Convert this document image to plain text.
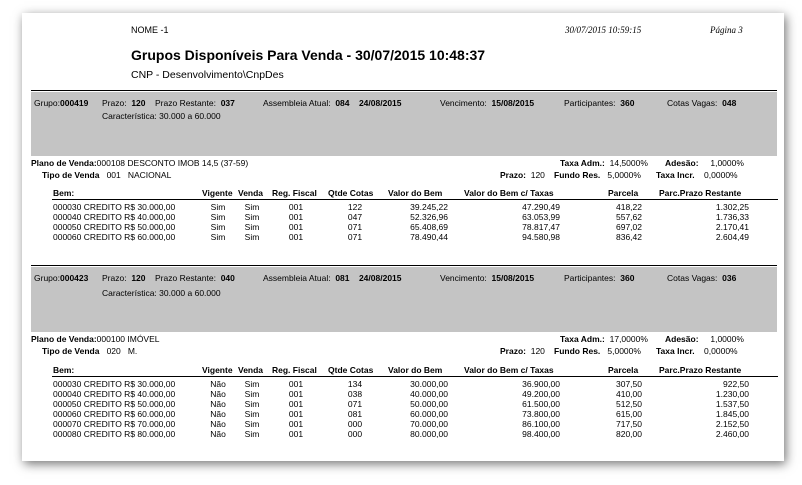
NOME -1	30/07/2015 10:59:15	Página 3
Grupos Disponíveis Para Venda - 30/07/2015 10:48:37
CNP - Desenvolvimento\CnpDes
Grupo:000419 Prazo: 120 Prazo Restante: 037	Assembleia Atual: 084 24/08/2015	Vencimento: 15/08/2015	Participantes: 360	Cotas Vagas: 048
Característica: 30.000 a 60.000
Plano de Venda:000108 DESCONTO IMOB 14,5 (37-59)	Taxa Adm.: 14,5000% Adesão: 1,0000%
Tipo de Venda 001 NACIONAL	Prazo: 120 Fundo Res. 5,0000% Taxa Incr. 0,0000%
Bem:	Vigente Venda Reg. Fiscal Qtde Cotas Valor do Bem	Valor do Bem c/ Taxas	Parcela Parc.Prazo Restante
000030 CREDITO R$ 30.000,00	Sim	Sim	001	122	39.245,22	47.290,49	418,22	1.302,25
000040 CREDITO R$ 40.000,00	Sim	Sim	001	047	52.326,96	63.053,99	557,62	1.736,33
000050 CREDITO R$ 50.000,00	Sim	Sim	001	071	65.408,69	78.817,47	697,02	2.170,41
000060 CREDITO R$ 60.000,00	Sim	Sim	001	071	78.490,44	94.580,98	836,42	2.604,49
Grupo:000423 Prazo: 120 Prazo Restante: 040	Assembleia Atual: 081 24/08/2015	Vencimento: 15/08/2015	Participantes: 360	Cotas Vagas: 036
Característica: 30.000 a 60.000
Plano de Venda:000100 IMÓVEL	Taxa Adm.: 17,0000% Adesão: 1,0000%
Tipo de Venda 020 M.	Prazo: 120 Fundo Res. 5,0000% Taxa Incr. 0,0000%
Bem:	Vigente Venda Reg. Fiscal Qtde Cotas Valor do Bem	Valor do Bem c/ Taxas	Parcela Parc.Prazo Restante
000030 CREDITO R$ 30.000,00	Não	Sim	001	134	30.000,00	36.900,00	307,50	922,50
000040 CREDITO R$ 40.000,00	Não	Sim	001	038	40.000,00	49.200,00	410,00	1.230,00
000050 CREDITO R$ 50.000,00	Não	Sim	001	071	50.000,00	61.500,00	512,50	1.537,50
000060 CREDITO R$ 60.000,00	Não	Sim	001	081	60.000,00	73.800,00	615,00	1.845,00
000070 CREDITO R$ 70.000,00	Não	Sim	001	000	70.000,00	86.100,00	717,50	2.152,50
000080 CREDITO R$ 80.000,00	Não	Sim	001	000	80.000,00	98.400,00	820,00	2.460,00
